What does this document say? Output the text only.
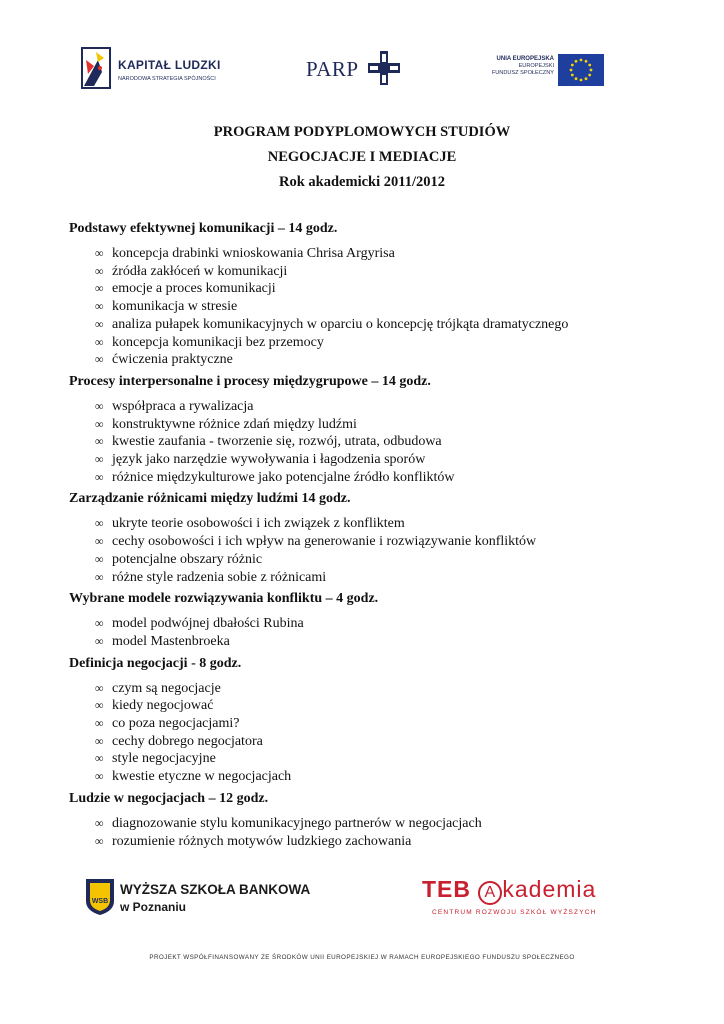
KAPITAŁ LUDZKI
NARODOWA STRATEGIA SPÓJNOŚCI	PARP	UNIA EUROPEJSKA
EUROPEJSKI
FUNDUSZ SPOŁECZNY
PROGRAM PODYPLOMOWYCH STUDIÓW
NEGOCJACJE I MEDIACJE
Rok akademicki 2011/2012
Podstawy efektywnej komunikacji – 14 godz.
∞ koncepcja drabinki wnioskowania Chrisa Argyrisa
∞ źródła zakłóceń w komunikacji
∞ emocje a proces komunikacji
∞ komunikacja w stresie
∞ analiza pułapek komunikacyjnych w oparciu o koncepcję trójkąta dramatycznego
∞ koncepcja komunikacji bez przemocy
∞ ćwiczenia praktyczne
Procesy interpersonalne i procesy międzygrupowe – 14 godz.
∞ współpraca a rywalizacja
∞ konstruktywne różnice zdań między ludźmi
∞ kwestie zaufania - tworzenie się, rozwój, utrata, odbudowa
∞ język jako narzędzie wywoływania i łagodzenia sporów
∞ różnice międzykulturowe jako potencjalne źródło konfliktów
Zarządzanie różnicami między ludźmi 14 godz.
∞ ukryte teorie osobowości i ich związek z konfliktem
∞ cechy osobowości i ich wpływ na generowanie i rozwiązywanie konfliktów
∞ potencjalne obszary różnic
∞ różne style radzenia sobie z różnicami
Wybrane modele rozwiązywania konfliktu – 4 godz.
∞ model podwójnej dbałości Rubina
∞ model Mastenbroeka
Definicja negocjacji - 8 godz.
∞ czym są negocjacje
∞ kiedy negocjować
∞ co poza negocjacjami?
∞ cechy dobrego negocjatora
∞ style negocjacyjne
∞ kwestie etyczne w negocjacjach
Ludzie w negocjacjach – 12 godz.
∞ diagnozowanie stylu komunikacyjnego partnerów w negocjacjach
∞ rozumienie różnych motywów ludzkiego zachowania
WSB
WYŻSZA SZKOŁA BANKOWA
w Poznaniu
TEB A kademia
CENTRUM ROZWOJU SZKÓŁ WYŻSZYCH
PROJEKT WSPÓŁFINANSOWANY ZE ŚRODKÓW UNII EUROPEJSKIEJ W RAMACH EUROPEJSKIEGO FUNDUSZU SPOŁECZNEGO
